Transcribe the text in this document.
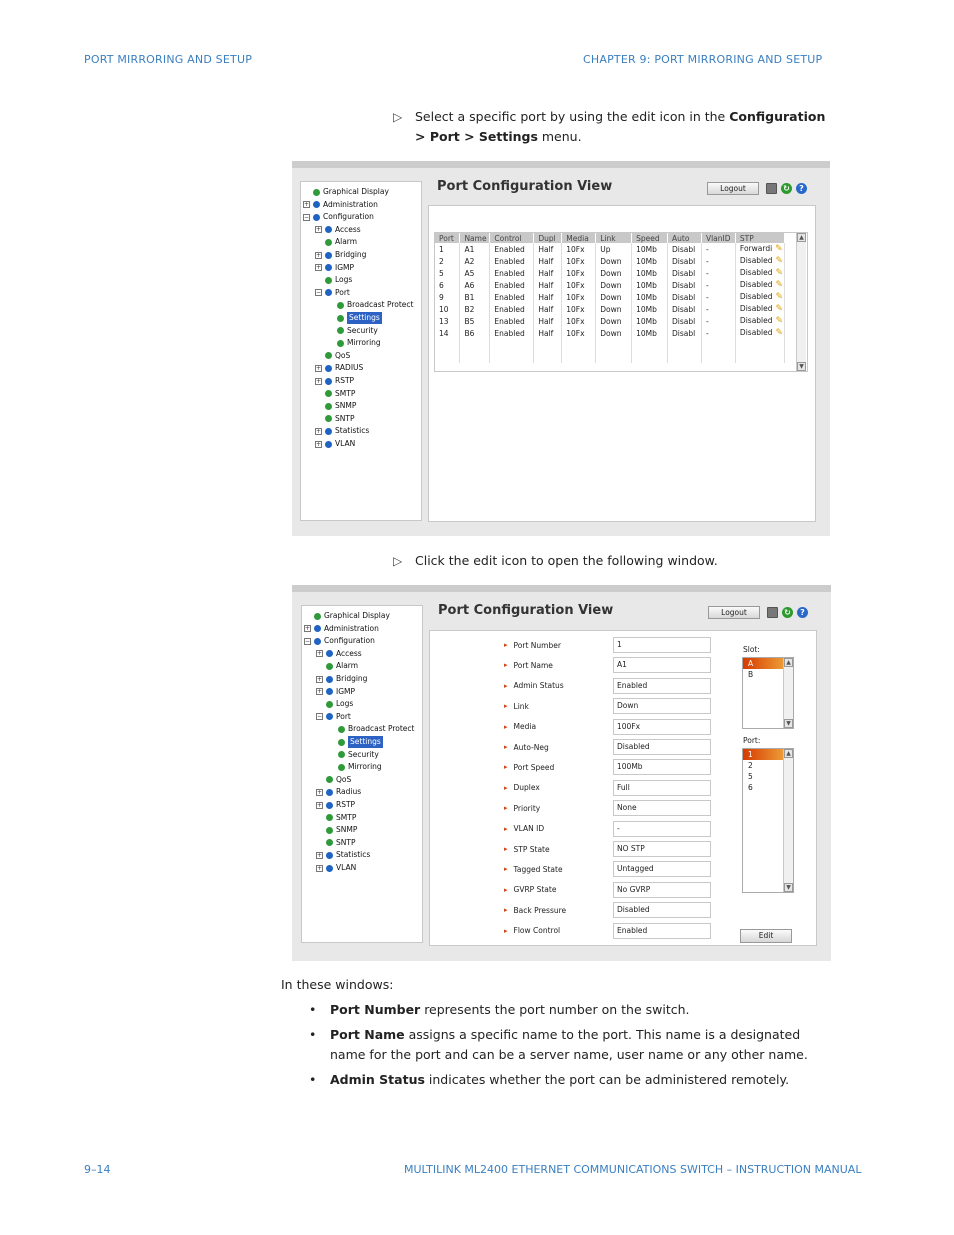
PORT MIRRORING AND SETUP	CHAPTER 9: PORT MIRRORING AND SETUP
▷	Select a specific port by using the edit icon in the Configuration > Port > Settings menu.
Graphical Display
+ Administration
− Configuration
+ Access
Alarm
+ Bridging
+ IGMP
Logs
− Port
Broadcast Protect
Settings
Security
Mirroring
QoS
+ RADIUS
+ RSTP
SMTP
SNMP
SNTP
+ Statistics
+ VLAN
Port Configuration View	Logout	↻	?
Port	Name	Control	Dupl	Media	Link	Speed	Auto	VlanID	STP
1	A1	Enabled	Half	10Fx	Up	10Mb	Disabl	-	Forwardi ✎
2	A2	Enabled	Half	10Fx	Down	10Mb	Disabl	-	Disabled ✎
5	A5	Enabled	Half	10Fx	Down	10Mb	Disabl	-	Disabled ✎
6	A6	Enabled	Half	10Fx	Down	10Mb	Disabl	-	Disabled ✎
9	B1	Enabled	Half	10Fx	Down	10Mb	Disabl	-	Disabled ✎
10	B2	Enabled	Half	10Fx	Down	10Mb	Disabl	-	Disabled ✎
13	B5	Enabled	Half	10Fx	Down	10Mb	Disabl	-	Disabled ✎
14	B6	Enabled	Half	10Fx	Down	10Mb	Disabl	-	Disabled ✎

▲
▼
▷	Click the edit icon to open the following window.
Graphical Display
+ Administration
− Configuration
+ Access
Alarm
+ Bridging
+ IGMP
Logs
− Port
Broadcast Protect
Settings
Security
Mirroring
QoS
+ Radius
+ RSTP
SMTP
SNMP
SNTP
+ Statistics
+ VLAN
Port Configuration View	Logout	↻	?
Slot:
A
B
▲
▼
Port:
1
2
5
6
▲
▼
Edit
▸ Port Number	1
▸ Port Name	A1
▸ Admin Status	Enabled
▸ Link	Down
▸ Media	100Fx
▸ Auto-Neg	Disabled
▸ Port Speed	100Mb
▸ Duplex	Full
▸ Priority	None
▸ VLAN ID	-
▸ STP State	NO STP
▸ Tagged State	Untagged
▸ GVRP State	No GVRP
▸ Back Pressure	Disabled
▸ Flow Control	Enabled
In these windows:
•	Port Number represents the port number on the switch.
•	Port Name assigns a specific name to the port. This name is a designated name for the port and can be a server name, user name or any other name.
•	Admin Status indicates whether the port can be administered remotely.
9–14	MULTILINK ML2400 ETHERNET COMMUNICATIONS SWITCH – INSTRUCTION MANUAL
